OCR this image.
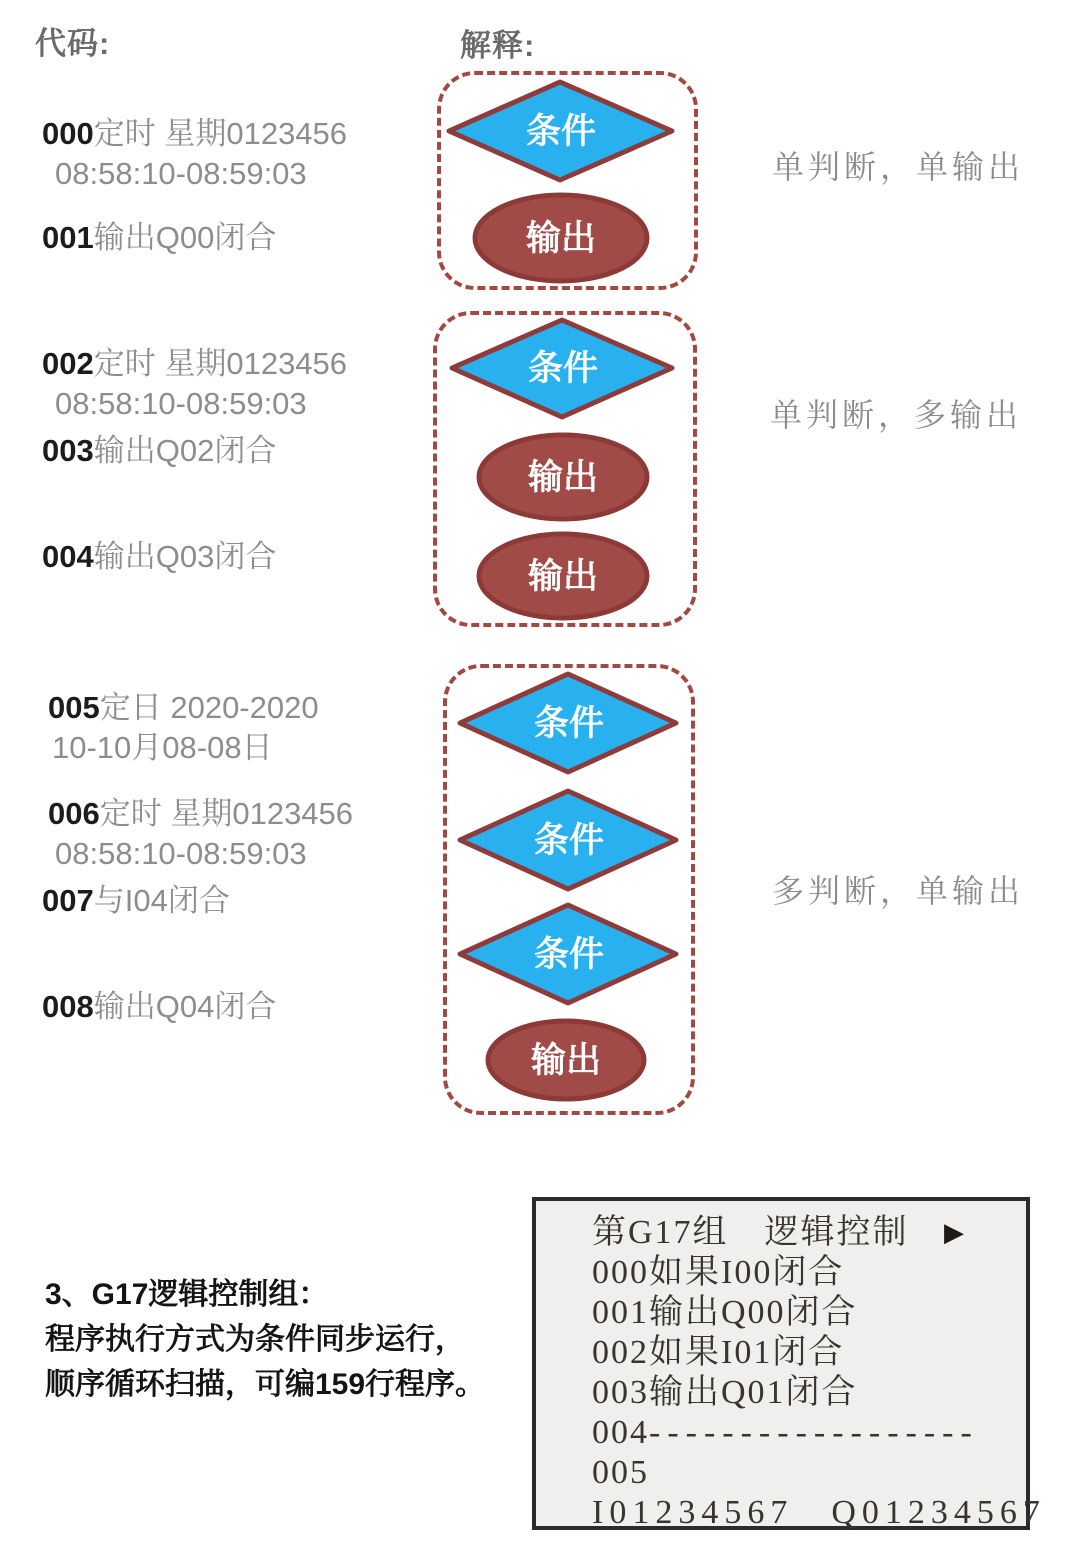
代码:	解释:
000定时 星期0123456
08:58:10-08:59:03
001输出Q00闭合
002定时 星期0123456
08:58:10-08:59:03
003输出Q02闭合
004输出Q03闭合
005定日 2020-2020
10-10月08-08日
006定时 星期0123456
08:58:10-08:59:03
007与I04闭合
008输出Q04闭合
条件
输出
单判断，单输出
条件
输出
输出
单判断，多输出
条件
条件
条件
输出
多判断，单输出
3、G17逻辑控制组：
程序执行方式为条件同步运行，
顺序循环扫描，可编159行程序。
第G17组　逻辑控制 ▶
000如果I00闭合
001输出Q00闭合
002如果I01闭合
003输出Q01闭合
004------------------
005
I01234567 Q01234567
